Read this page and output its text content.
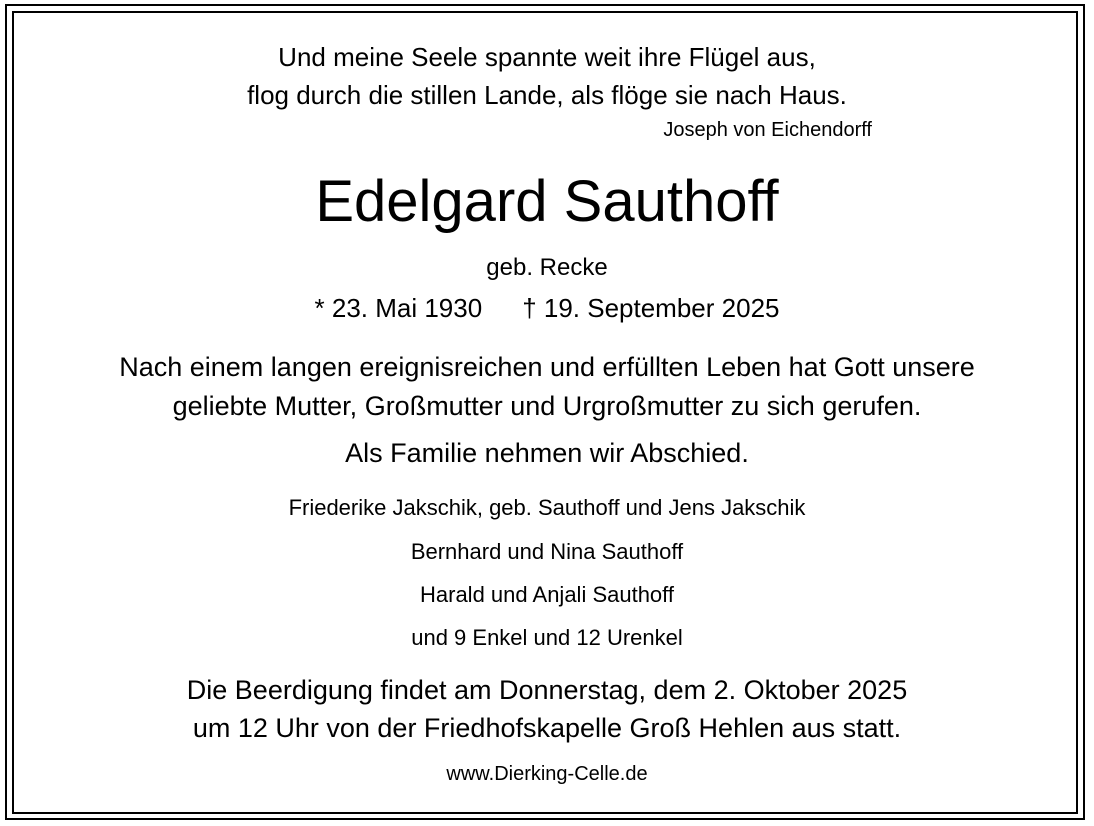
Und meine Seele spannte weit ihre Flügel aus,
flog durch die stillen Lande, als flöge sie nach Haus.
Joseph von Eichendorff
Edelgard Sauthoff
geb. Recke
* 23. Mai 1930 † 19. September 2025
Nach einem langen ereignisreichen und erfüllten Leben hat Gott unsere
geliebte Mutter, Großmutter und Urgroßmutter zu sich gerufen.
Als Familie nehmen wir Abschied.
Friederike Jakschik, geb. Sauthoff und Jens Jakschik
Bernhard und Nina Sauthoff
Harald und Anjali Sauthoff
und 9 Enkel und 12 Urenkel
Die Beerdigung findet am Donnerstag, dem 2. Oktober 2025
um 12 Uhr von der Friedhofskapelle Groß Hehlen aus statt.
www.Dierking-Celle.de
